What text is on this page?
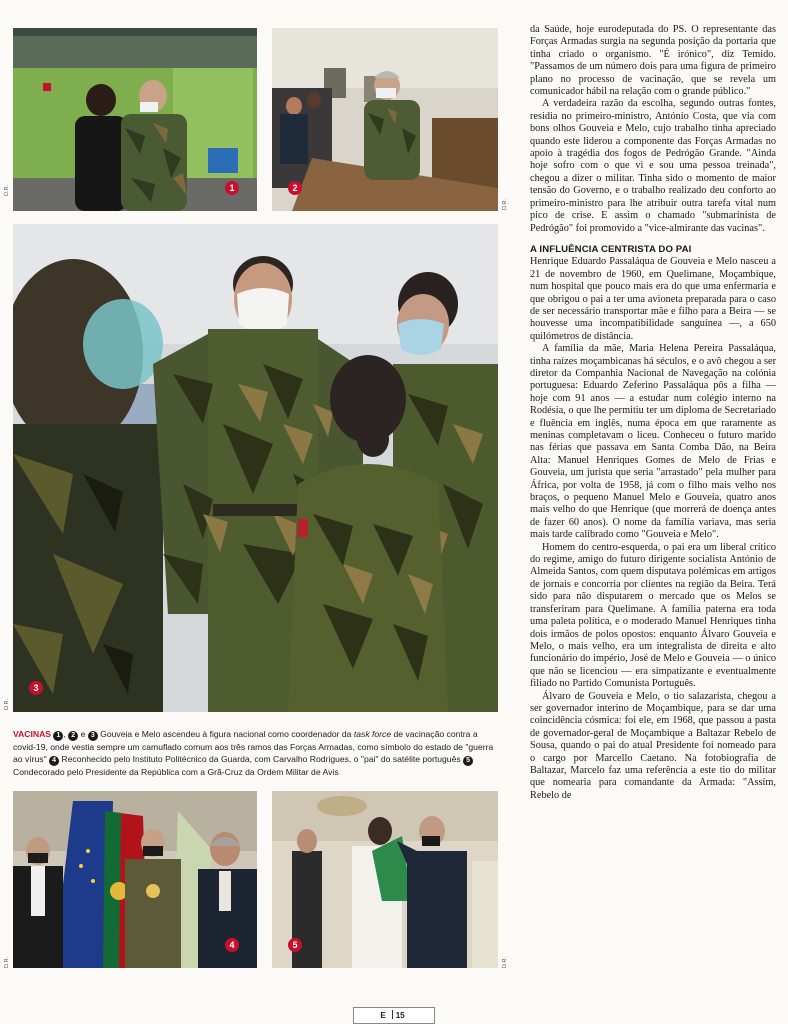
1
D.R.	2
D.R.
3
D.R.
VACINAS 1 , 2 e 3 Gouveia e Melo ascendeu à figura nacional como coordenador da task force de vacinação contra a covid-19, onde vestia sempre um camuflado comum aos três ramos das Forças Armadas, como símbolo do estado de "guerra ao vírus" 4 Reconhecido pelo Instituto Politécnico da Guarda, com Carvalho Rodrigues, o "pai" do satélite português 5 Condecorado pelo Presidente da República com a Grã-Cruz da Ordem Militar de Avis
4
D.R.
5
D.R.

da Saúde, hoje eurodeputada do PS. O representante das Forças Armadas surgia na segunda posição da portaria que tinha criado o organismo. "É irónico", diz Temido. "Passamos de um número dois para uma figura de primeiro plano no processo de vacinação, que se revela um comunicador hábil na relação com o grande público."

A verdadeira razão da escolha, segundo outras fontes, residia no primeiro-ministro, António Costa, que via com bons olhos Gouveia e Melo, cujo trabalho tinha apreciado quando este liderou a componente das Forças Armadas no apoio à tragédia dos fogos de Pedrógão Grande. "Ainda hoje sofro com o que vi e sou uma pessoa treinada", chegou a dizer o militar. Tinha sido o momento de maior tensão do Governo, e o trabalho realizado deu conforto ao primeiro-ministro para lhe atribuir outra tarefa vital num pico de crise. E assim o chamado "submarinista de Pedrógão" foi promovido a "vice-almirante das vacinas".

A INFLUÊNCIA CENTRISTA DO PAI

Henrique Eduardo Passaláqua de Gouveia e Melo nasceu a 21 de novembro de 1960, em Quelimane, Moçambique, num hospital que pouco mais era do que uma enfermaria e que obrigou o pai a ter uma avioneta preparada para o caso de ser necessário transportar mãe e filho para a Beira — se houvesse uma incompatibilidade sanguínea —, a 650 quilómetros de distância.

A família da mãe, Maria Helena Pereira Passaláqua, tinha raízes moçambicanas há séculos, e o avô chegou a ser diretor da Companhia Nacional de Navegação na colónia portuguesa: Eduardo Zeferino Passaláqua pôs a filha — hoje com 91 anos — a estudar num colégio interno na Rodésia, o que lhe permitiu ter um diploma de Secretariado e fluência em inglês, numa época em que raramente as meninas completavam o liceu. Conheceu o futuro marido nas férias que passava em Santa Comba Dão, na Beira Alta: Manuel Henriques Gomes de Melo de Frias e Gouveia, um jurista que seria "arrastado" pela mulher para África, por volta de 1958, já com o filho mais velho nos braços, o pequeno Manuel Melo e Gouveia, quatro anos mais velho do que Henrique (que morrerá de doença antes de fazer 60 anos). O nome da família variava, mas seria mais tarde calibrado como "Gouveia e Melo".

Homem do centro-esquerda, o pai era um liberal crítico do regime, amigo do futuro dirigente socialista António de Almeida Santos, com quem disputava polémicas em artigos de jornais e concorria por clientes na região da Beira. Terá sido para não disputarem o mercado que os Melos se transferiram para Quelimane. A família paterna era toda uma paleta política, e o moderado Manuel Henriques tinha dois irmãos de polos opostos: enquanto Álvaro Gouveia e Melo, o mais velho, era um integralista de direita e alto funcionário do império, José de Melo e Gouveia — o único que não se licenciou — era simpatizante e eventualmente filiado no Partido Comunista Português.

Álvaro de Gouveia e Melo, o tio salazarista, chegou a ser governador interino de Moçambique, para se dar uma coincidência cósmica: foi ele, em 1968, que passou a pasta de governador-geral de Moçambique a Baltazar Rebelo de Sousa, quando o pai do atual Presidente foi nomeado para o cargo por Marcello Caetano. Na fotobiografia de Baltazar, Marcelo faz uma referência a este tio do militar que nomearia para comandante da Armada: "Assim, Rebelo de

E 15
